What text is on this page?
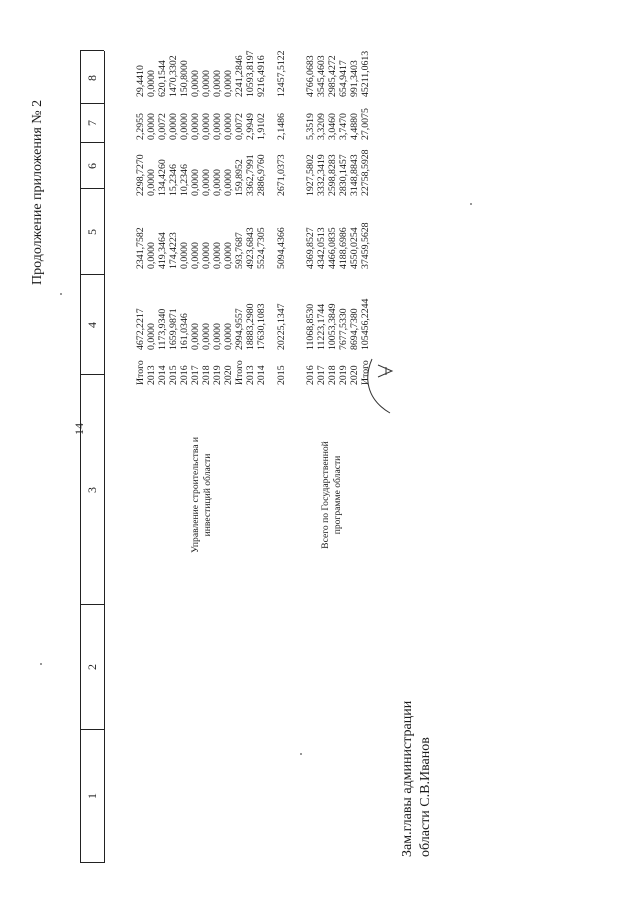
Продолжение приложения № 2
14
1
2
3
4
5
6
7
8
Управление строительства и инвестиций области	Всего по Государственной программе области
Итого
4672,2217
2341,7582
2298,7270
2,2955
29,4410
2013
0,0000
0,0000
0,0000
0,0000
0,0000
2014
1173,9340
419,3464
134,4260
0,0072
620,1544
2015
1659,9871
174,4223
15,2346
0,0000
1470,3302
2016
161,0346
0,0000
10,2346
0,0000
150,8000
2017
0,0000
0,0000
0,0000
0,0000
0,0000
2018
0,0000
0,0000
0,0000
0,0000
0,0000
2019
0,0000
0,0000
0,0000
0,0000
0,0000
2020
0,0000
0,0000
0,0000
0,0000
0,0000
Итого
2994,9557
593,7687
159,8952
0,0072
2241,2846
2013
18883,2980
4923,6843
3362,7991
2,9949
10593,8197
2014
17630,1083
5524,7305
2886,9760
1,9102
9216,4916
2015
20225,1347
5094,4366
2671,0373
2,1486
12457,5122
2016
11068,8530
4369,8527
1927,5802
5,3519
4766,0683
2017
11223,1744
4342,0513
3332,3419
3,3209
3545,4603
2018
10053,3849
4466,0835
2598,8283
3,0460
2985,4272
2019
7677,5330
4188,6986
2830,1457
3,7470
654,9417
2020
8694,7380
4550,0254
3148,8843
4,4880
991,3403
Итого
105456,2244
37459,5628
22758,5928
27,0075
45211,0613
Зам.главы администрации области С.В.Иванов
